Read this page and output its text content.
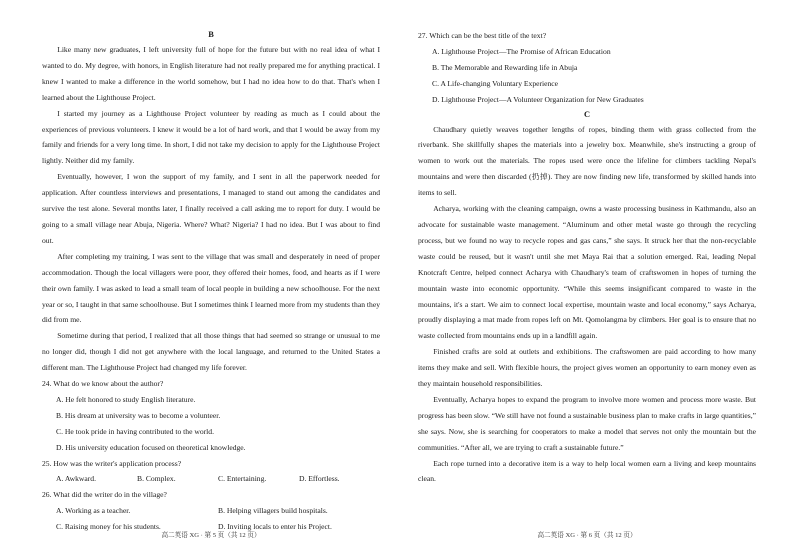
B

Like many new graduates, I left university full of hope for the future but with no real idea of what I wanted to do. My degree, with honors, in English literature had not really prepared me for anything practical. I knew I wanted to make a difference in the world somehow, but I had no idea how to do that. That's when I learned about the Lighthouse Project.

I started my journey as a Lighthouse Project volunteer by reading as much as I could about the experiences of previous volunteers. I knew it would be a lot of hard work, and that I would be away from my family and friends for a very long time. In short, I did not take my decision to apply for the Lighthouse Project lightly. Neither did my family.

Eventually, however, I won the support of my family, and I sent in all the paperwork needed for application. After countless interviews and presentations, I managed to stand out among the candidates and survive the test alone. Several months later, I finally received a call asking me to report for duty. I would be going to a small village near Abuja, Nigeria. Where? What? Nigeria? I had no idea. But I was about to find out.

After completing my training, I was sent to the village that was small and desperately in need of proper accommodation. Though the local villagers were poor, they offered their homes, food, and hearts as if I were their own family. I was asked to lead a small team of local people in building a new schoolhouse. For the next year or so, I taught in that same schoolhouse. But I sometimes think I learned more from my students than they did from me.

Sometime during that period, I realized that all those things that had seemed so strange or unusual to me no longer did, though I did not get anywhere with the local language, and returned to the United States a different man. The Lighthouse Project had changed my life forever.

24. What do we know about the author?
A. He felt honored to study English literature.
B. His dream at university was to become a volunteer.
C. He took pride in having contributed to the world.
D. His university education focused on theoretical knowledge.
25. How was the writer's application process?
A. Awkward.	B. Complex.	C. Entertaining.	D. Effortless.
26. What did the writer do in the village?
A. Working as a teacher.	B. Helping villagers build hospitals.
C. Raising money for his students.	D. Inviting locals to enter his Project.
27. Which can be the best title of the text?
A. Lighthouse Project—The Promise of African Education
B. The Memorable and Rewarding life in Abuja
C. A Life-changing Voluntary Experience
D. Lighthouse Project—A Volunteer Organization for New Graduates
C

Chaudhary quietly weaves together lengths of ropes, binding them with grass collected from the riverbank. She skillfully shapes the materials into a jewelry box. Meanwhile, she's instructing a group of women to work out the materials. The ropes used were once the lifeline for climbers tackling Nepal's mountains and were then discarded (扔掉). They are now finding new life, transformed by skilled hands into items to sell.

Acharya, working with the cleaning campaign, owns a waste processing business in Kathmandu, also an advocate for sustainable waste management. “Aluminum and other metal waste go through the recycling process, but we found no way to recycle ropes and gas cans,” she says. It struck her that the non-recyclable waste could be reused, but it wasn't until she met Maya Rai that a solution emerged. Rai, leading Nepal Knotcraft Centre, helped connect Acharya with Chaudhary's team of craftswomen in hopes of turning the mountain waste into economic opportunity. “While this seems insignificant compared to waste in the mountains, it's a start. We aim to connect local expertise, mountain waste and local economy,” says Acharya, proudly displaying a mat made from ropes left on Mt. Qomolangma by climbers. Her goal is to ensure that no waste collected from mountains ends up in a landfill again.

Finished crafts are sold at outlets and exhibitions. The craftswomen are paid according to how many items they make and sell. With flexible hours, the project gives women an opportunity to earn money even as they maintain household responsibilities.

Eventually, Acharya hopes to expand the program to involve more women and process more waste. But progress has been slow. “We still have not found a sustainable business plan to make crafts in large quantities,” she says. Now, she is searching for cooperators to make a model that serves not only the mountain but the communities. “After all, we are trying to craft a sustainable future.”

Each rope turned into a decorative item is a way to help local women earn a living and keep mountains clean.

高二英语 XG · 第 5 页（共 12 页）	高二英语 XG · 第 6 页（共 12 页）
